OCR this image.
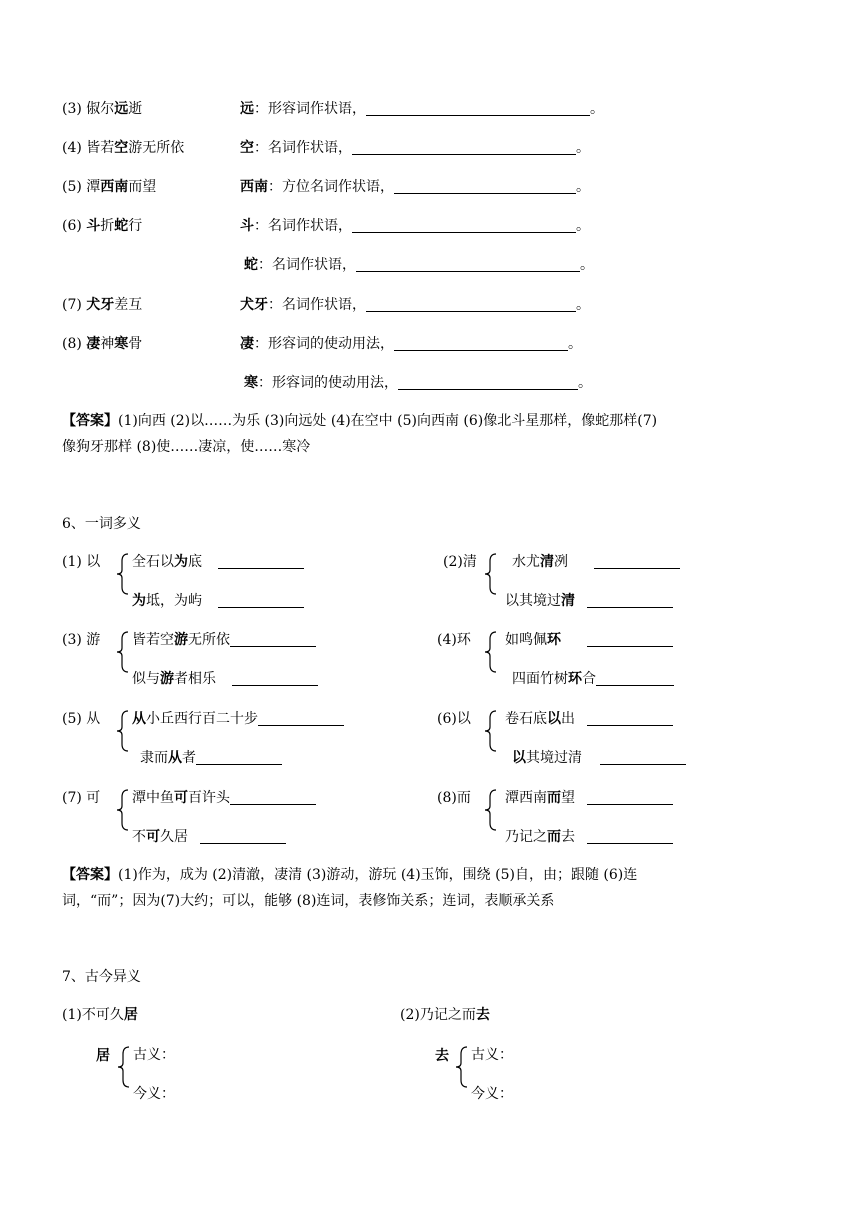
(3) 俶尔远逝	远：形容词作状语，	。
(4) 皆若空游无所依	空：名词作状语，	。
(5) 潭西南而望	西南：方位名词作状语，	。
(6) 斗折蛇行	斗：名词作状语，	。
蛇：名词作状语，	。
(7) 犬牙差互	犬牙：名词作状语，	。
(8) 凄神寒骨	凄：形容词的使动用法，	。
寒：形容词的使动用法，	。
【答案】(1)向西 (2)以……为乐 (3)向远处 (4)在空中 (5)向西南 (6)像北斗星那样，像蛇那样(7)
像狗牙那样 (8)使……凄凉，使……寒冷
6、一词多义
(1) 以 全石以为底
为坻，为屿
(2)清	水尤清冽
以其境过清
(3) 游 皆若空游无所依
似与游者相乐
(4)环 如鸣佩环
四面竹树环合
(5) 从 从小丘西行百二十步
隶而从者
(6)以 卷石底以出
以其境过清
(7) 可 潭中鱼可百许头
不可久居
(8)而 潭西南而望
乃记之而去
【答案】(1)作为，成为 (2)清澈，凄清 (3)游动，游玩 (4)玉饰，围绕 (5)自，由；跟随 (6)连
词，“而”；因为(7)大约；可以，能够 (8)连词，表修饰关系；连词，表顺承关系
7、古今异义
(1)不可久居
居 古义：
今义：
(2)乃记之而去
去 古义：
今义：
